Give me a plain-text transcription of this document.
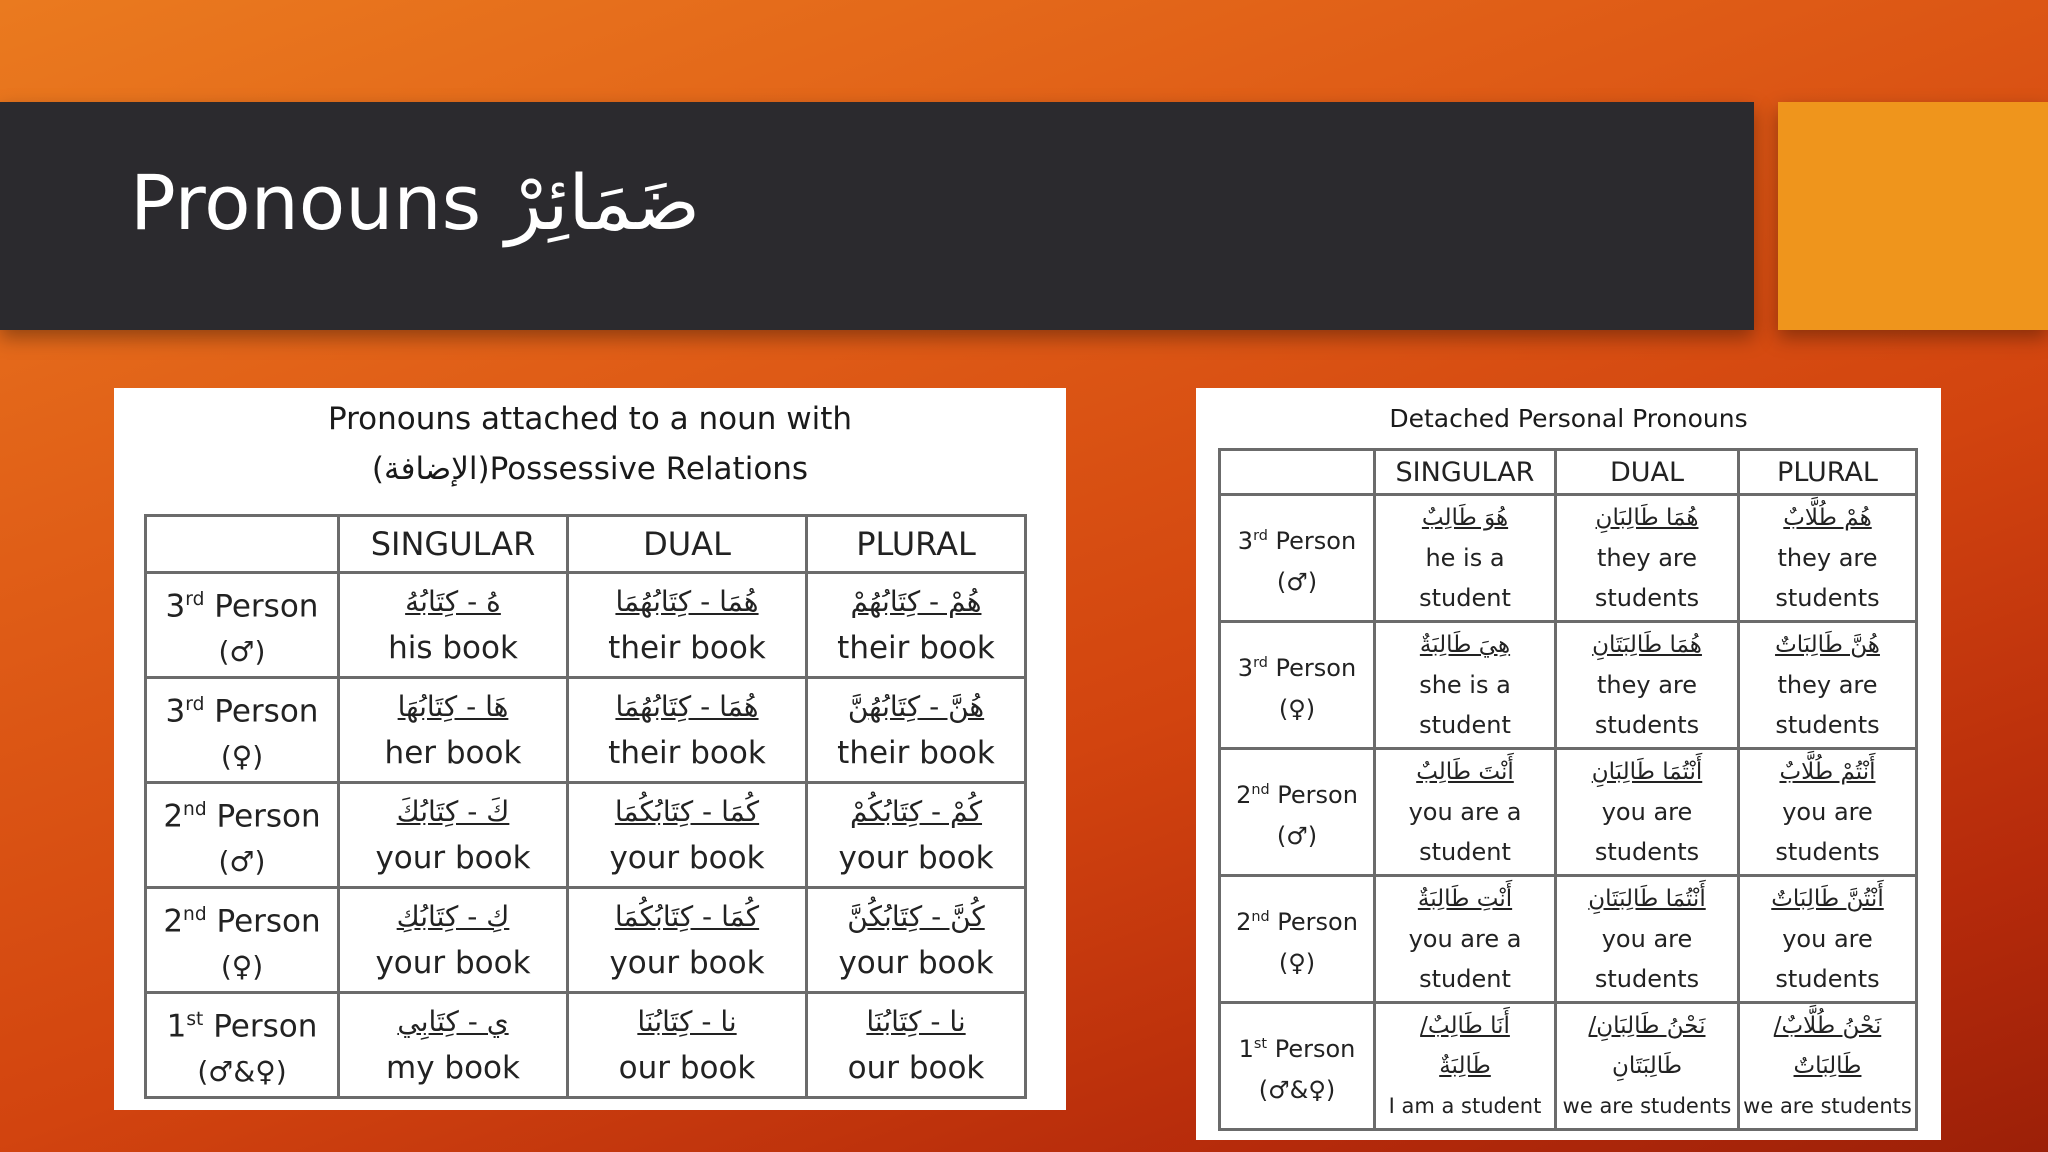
Pronouns ضَمَائِرْ
Pronouns attached to a noun with
(الإضافة)Possessive Relations
	SINGULAR	DUAL	PLURAL

3rd Person
(♂)	هُ - كِتَابُهُ
his book	هُمَا - كِتَابُهُمَا
their book	هُمْ - كِتَابُهُمْ
their book

3rd Person
(♀)	هَا - كِتَابُهَا
her book	هُمَا - كِتَابُهُمَا
their book	هُنَّ - كِتَابُهُنَّ
their book

2nd Person
(♂)	كَ - كِتَابُكَ
your book	كُمَا - كِتَابُكُمَا
your book	كُمْ - كِتَابُكُمْ
your book

2nd Person
(♀)	كِ - كِتَابُكِ
your book	كُمَا - كِتَابُكُمَا
your book	كُنَّ - كِتَابُكُنَّ
your book

1st Person
(♂&♀)	ي - كِتَابِي
my book	نا - كِتَابُنَا
our book	نا - كِتَابُنَا
our book
Detached Personal Pronouns
	SINGULAR	DUAL	PLURAL

3rd Person
(♂)	هُوَ طَالِبٌ
he is a
student	هُمَا طَالِبَانِ
they are
students	هُمْ طُلَّابٌ
they are
students

3rd Person
(♀)	هِيَ طَالِبَةٌ
she is a
student	هُمَا طَالِبَتَانِ
they are
students	هُنَّ طَالِبَاتٌ
they are
students

2nd Person
(♂)	أَنْتَ طَالِبٌ
you are a
student	أَنْتُمَا طَالِبَانِ
you are
students	أَنْتُمْ طُلَّابٌ
you are
students

2nd Person
(♀)	أَنْتِ طَالِبَةٌ
you are a
student	أَنْتُمَا طَالِبَتَانِ
you are
students	أَنْتُنَّ طَالِبَاتٌ
you are
students

1st Person
(♂&♀)	أَنَا طَالِبٌ/
طَالِبَةٌ
I am a student	نَحْنُ طَالِبَانِ/
طَالِبَتَانِ
we are students	نَحْنُ طُلَّابٌ/
طَالِبَاتٌ
we are students
